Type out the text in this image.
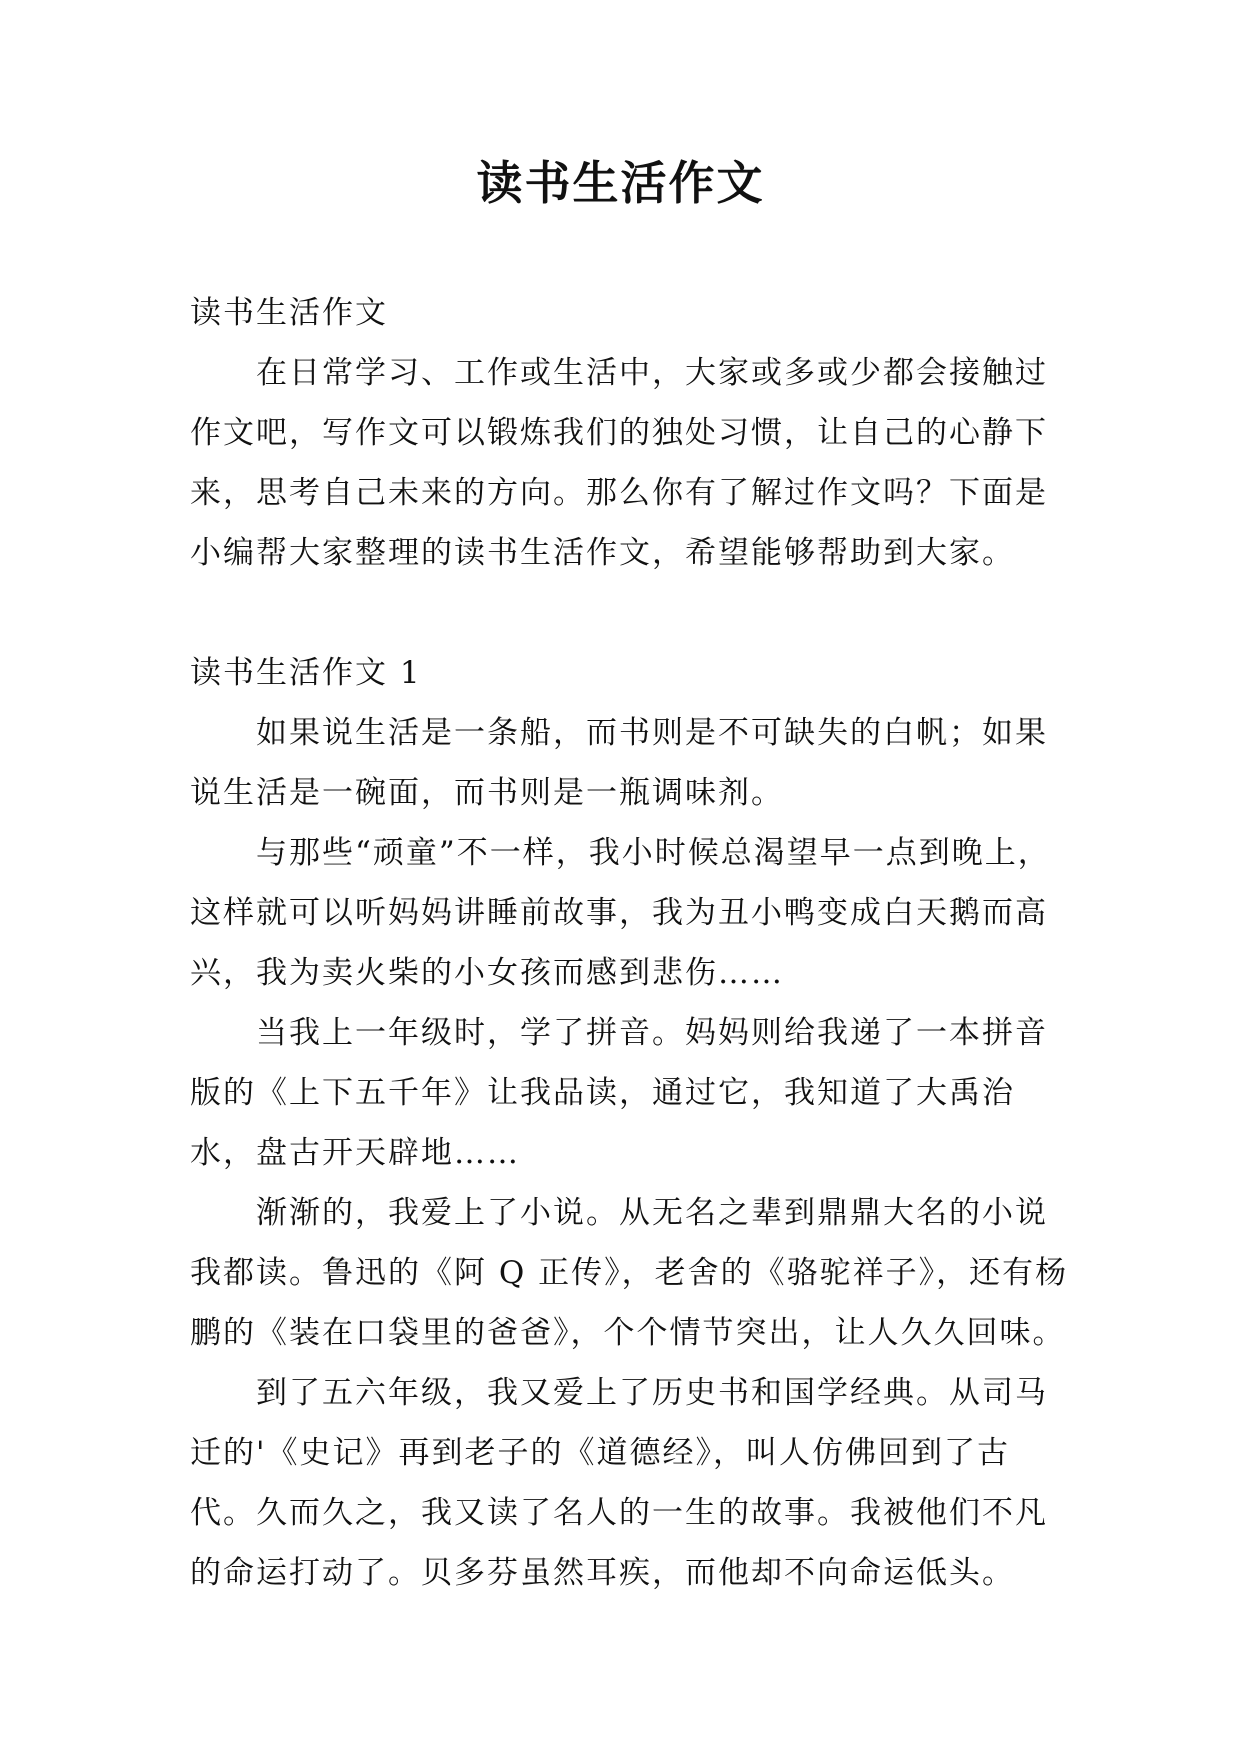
读书生活作文

读书生活作文

在日常学习、工作或生活中，大家或多或少都会接触过作文吧，写作文可以锻炼我们的独处习惯，让自己的心静下来，思考自己未来的方向。那么你有了解过作文吗？下面是小编帮大家整理的读书生活作文，希望能够帮助到大家。

读书生活作文 1

如果说生活是一条船，而书则是不可缺失的白帆；如果说生活是一碗面，而书则是一瓶调味剂。

与那些“顽童”不一样，我小时候总渴望早一点到晚上，这样就可以听妈妈讲睡前故事，我为丑小鸭变成白天鹅而高兴，我为卖火柴的小女孩而感到悲伤……

当我上一年级时，学了拼音。妈妈则给我递了一本拼音版的《上下五千年》让我品读，通过它，我知道了大禹治水，盘古开天辟地……

渐渐的，我爱上了小说。从无名之辈到鼎鼎大名的小说我都读。鲁迅的《阿 Q 正传》，老舍的《骆驼祥子》，还有杨鹏的《装在口袋里的爸爸》，个个情节突出，让人久久回味。

到了五六年级，我又爱上了历史书和国学经典。从司马迁的'《史记》再到老子的《道德经》，叫人仿佛回到了古代。久而久之，我又读了名人的一生的故事。我被他们不凡的命运打动了。贝多芬虽然耳疾，而他却不向命运低头。
